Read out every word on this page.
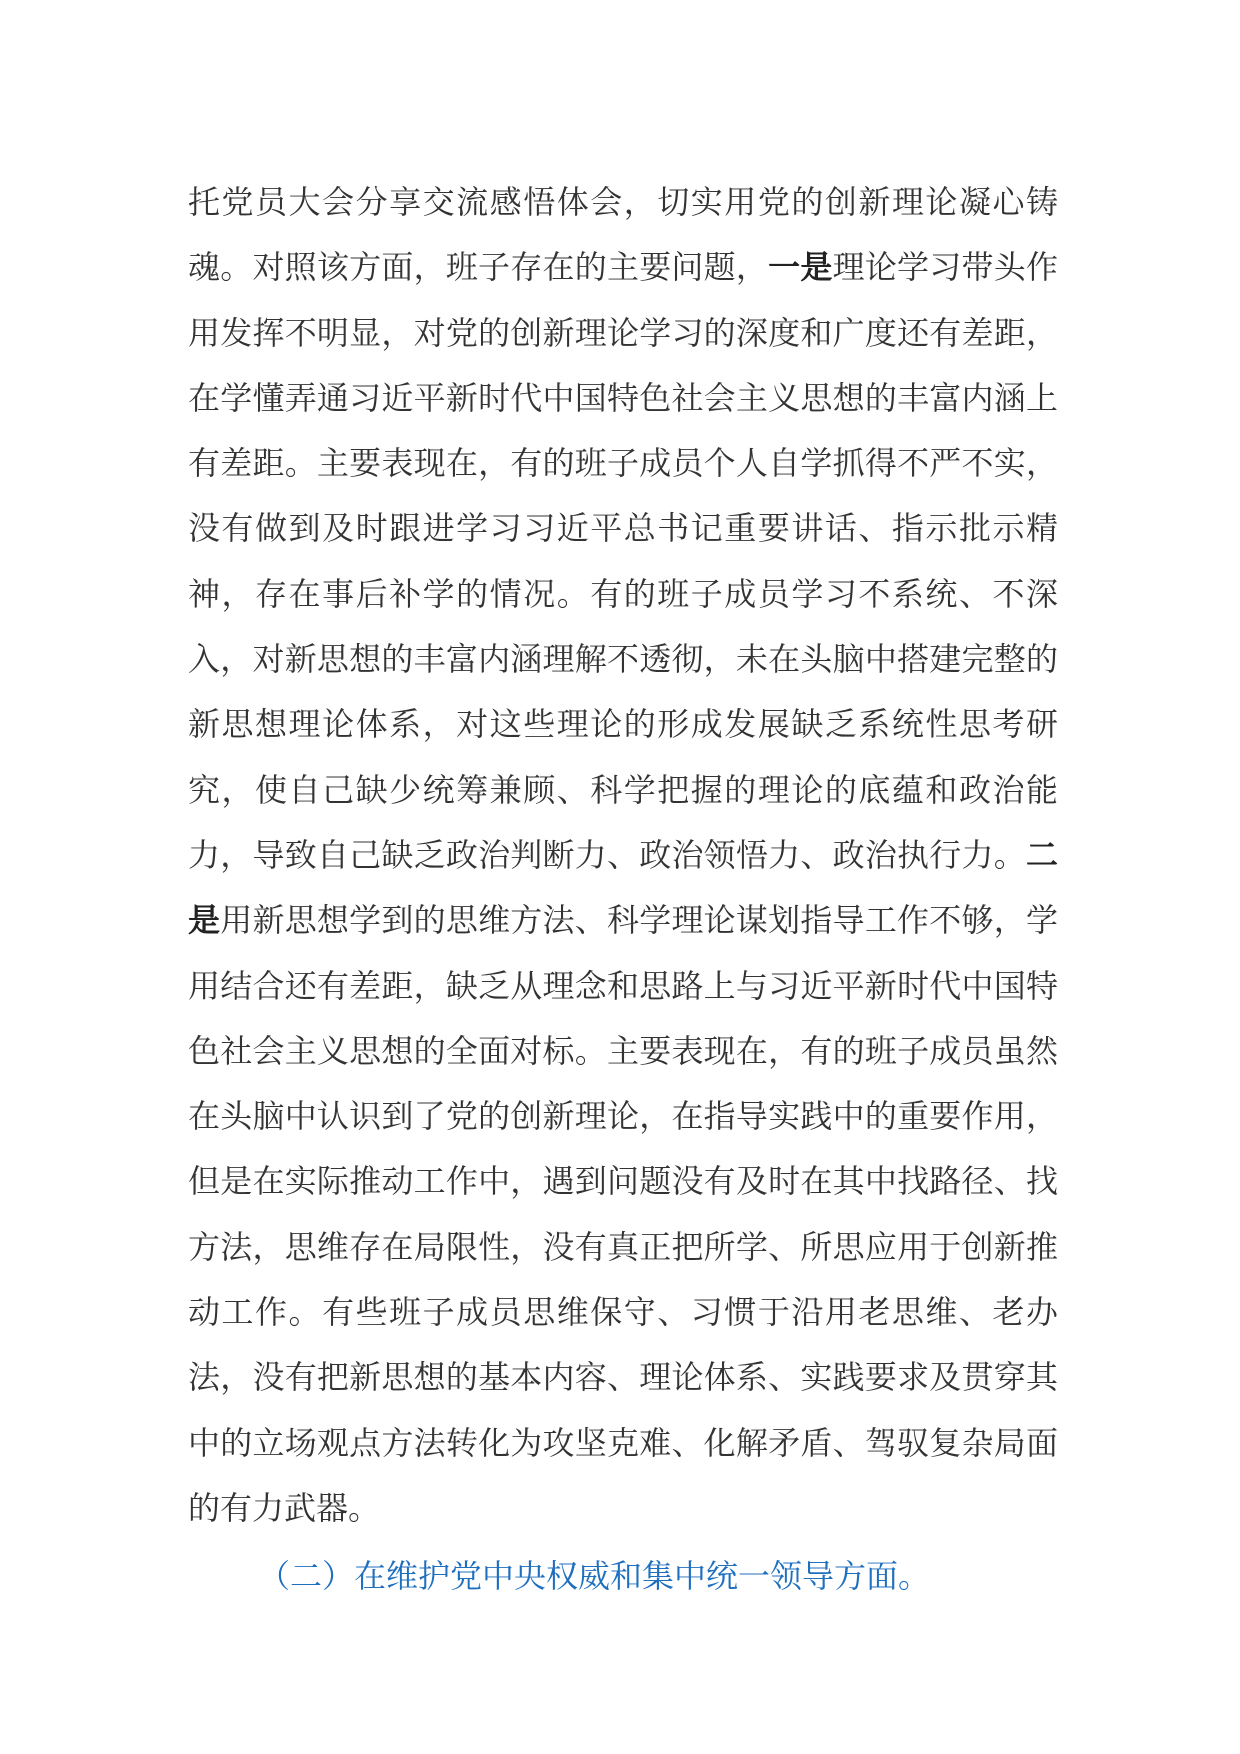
托党员大会分享交流感悟体会，切实用党的创新理论凝心铸魂。对照该方面，班子存在的主要问题，一是理论学习带头作用发挥不明显，对党的创新理论学习的深度和广度还有差距，在学懂弄通习近平新时代中国特色社会主义思想的丰富内涵上有差距。主要表现在，有的班子成员个人自学抓得不严不实，没有做到及时跟进学习习近平总书记重要讲话、指示批示精神，存在事后补学的情况。有的班子成员学习不系统、不深入，对新思想的丰富内涵理解不透彻，未在头脑中搭建完整的新思想理论体系，对这些理论的形成发展缺乏系统性思考研究，使自己缺少统筹兼顾、科学把握的理论的底蕴和政治能力，导致自己缺乏政治判断力、政治领悟力、政治执行力。二是用新思想学到的思维方法、科学理论谋划指导工作不够，学用结合还有差距，缺乏从理念和思路上与习近平新时代中国特色社会主义思想的全面对标。主要表现在，有的班子成员虽然在头脑中认识到了党的创新理论，在指导实践中的重要作用，但是在实际推动工作中，遇到问题没有及时在其中找路径、找方法，思维存在局限性，没有真正把所学、所思应用于创新推动工作。有些班子成员思维保守、习惯于沿用老思维、老办法，没有把新思想的基本内容、理论体系、实践要求及贯穿其中的立场观点方法转化为攻坚克难、化解矛盾、驾驭复杂局面的有力武器。

（二）在维护党中央权威和集中统一领导方面。
